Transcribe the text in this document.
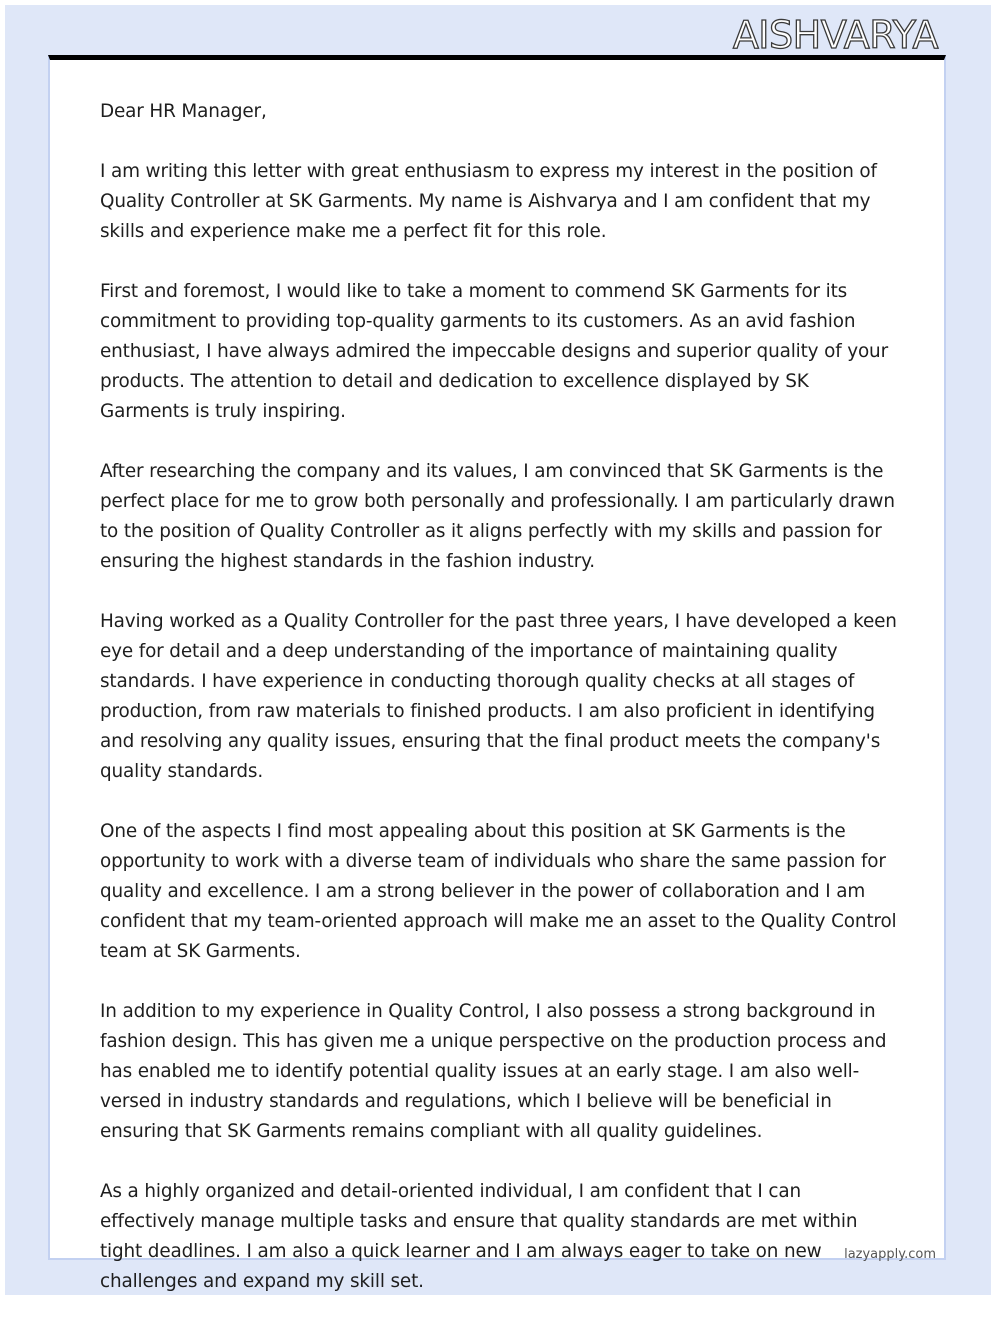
AISHVARYA

Dear HR Manager,

I am writing this letter with great enthusiasm to express my interest in the position of Quality Controller at SK Garments. My name is Aishvarya and I am confident that my skills and experience make me a perfect fit for this role.

First and foremost, I would like to take a moment to commend SK Garments for its commitment to providing top-quality garments to its customers. As an avid fashion enthusiast, I have always admired the impeccable designs and superior quality of your products. The attention to detail and dedication to excellence displayed by SK Garments is truly inspiring.

After researching the company and its values, I am convinced that SK Garments is the perfect place for me to grow both personally and professionally. I am particularly drawn to the position of Quality Controller as it aligns perfectly with my skills and passion for ensuring the highest standards in the fashion industry.

Having worked as a Quality Controller for the past three years, I have developed a keen eye for detail and a deep understanding of the importance of maintaining quality standards. I have experience in conducting thorough quality checks at all stages of production, from raw materials to finished products. I am also proficient in identifying and resolving any quality issues, ensuring that the final product meets the company's quality standards.

One of the aspects I find most appealing about this position at SK Garments is the opportunity to work with a diverse team of individuals who share the same passion for quality and excellence. I am a strong believer in the power of collaboration and I am confident that my team-oriented approach will make me an asset to the Quality Control team at SK Garments.

In addition to my experience in Quality Control, I also possess a strong background in fashion design. This has given me a unique perspective on the production process and has enabled me to identify potential quality issues at an early stage. I am also well-versed in industry standards and regulations, which I believe will be beneficial in ensuring that SK Garments remains compliant with all quality guidelines.

As a highly organized and detail-oriented individual, I am confident that I can effectively manage multiple tasks and ensure that quality standards are met within tight deadlines. I am also a quick learner and I am always eager to take on new challenges and expand my skill set.

lazyapply.com
